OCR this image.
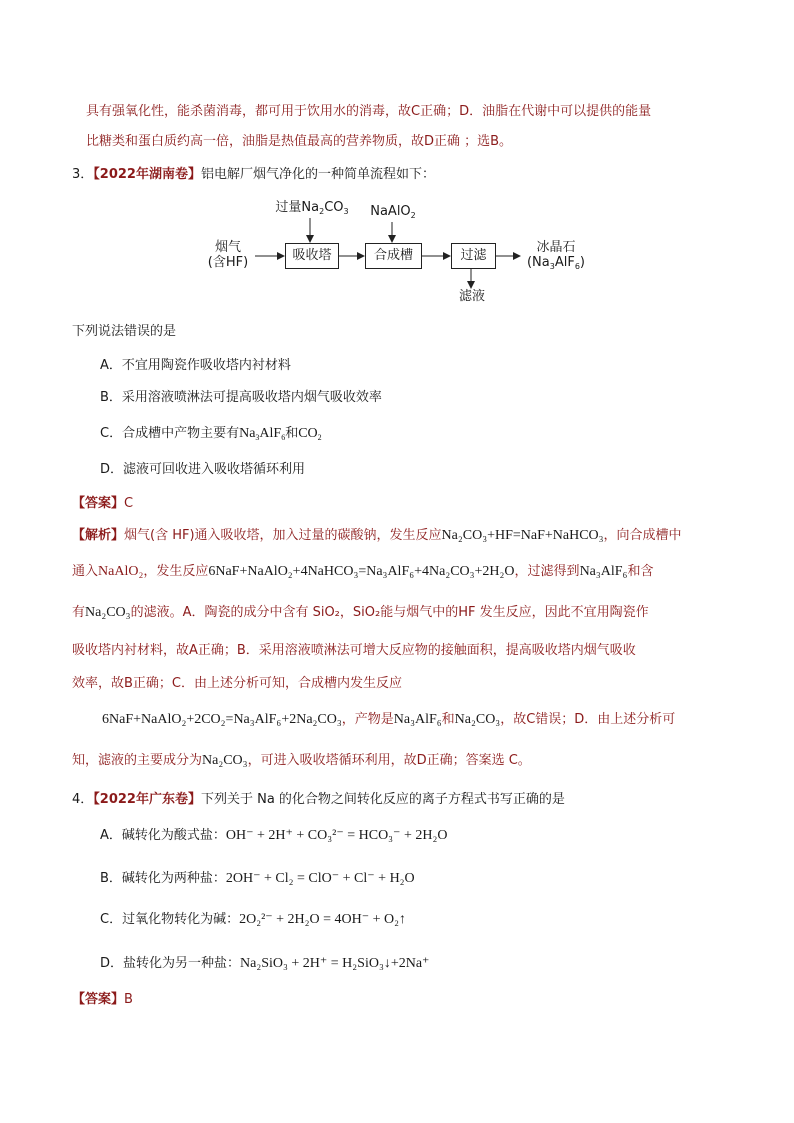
具有强氧化性，能杀菌消毒，都可用于饮用水的消毒，故C正确；D．油脂在代谢中可以提供的能量
比糖类和蛋白质约高一倍，油脂是热值最高的营养物质，故D正确 ；选B。
3．【2022年湖南卷】铝电解厂烟气净化的一种简单流程如下：
烟气
(含HF)
过量$Na_2CO_3$	NaAlO$_2$
吸收塔	合成槽	过滤
冰晶石
$(Na_3AlF_6)$
滤液
下列说法错误的是
A．不宜用陶瓷作吸收塔内衬材料
B．采用溶液喷淋法可提高吸收塔内烟气吸收效率
C．合成槽中产物主要有$Na_3AlF_6$和$CO_2$
D．滤液可回收进入吸收塔循环利用
【答案】C
【解析】烟气(含 HF)通入吸收塔，加入过量的碳酸钠，发生反应Na₂CO₃+HF=NaF+NaHCO₃，向合成槽中
通入NaAlO₂，发生反应6NaF+NaAlO₂+4NaHCO₃=Na₃AlF₆+4Na₂CO₃+2H₂O，过滤得到Na₃AlF₆和含
有Na₂CO₃的滤液。A．陶瓷的成分中含有 SiO₂，SiO₂能与烟气中的HF 发生反应，因此不宜用陶瓷作
吸收塔内衬材料，故A正确；B．采用溶液喷淋法可增大反应物的接触面积，提高吸收塔内烟气吸收
效率，故B正确；C．由上述分析可知，合成槽内发生反应
6NaF+NaAlO₂+2CO₂=Na₃AlF₆+2Na₂CO₃，产物是Na₃AlF₆和Na₂CO₃，故C错误；D．由上述分析可
知，滤液的主要成分为Na₂CO₃，可进入吸收塔循环利用，故D正确；答案选 C。
4．【2022年广东卷】下列关于 Na 的化合物之间转化反应的离子方程式书写正确的是
A．碱转化为酸式盐：OH⁻ + 2H⁺ + CO₃²⁻ = HCO₃⁻ + 2H₂O
B．碱转化为两种盐：2OH⁻ + Cl₂ = ClO⁻ + Cl⁻ + H₂O
C．过氧化物转化为碱：2O₂²⁻ + 2H₂O = 4OH⁻ + O₂↑
D．盐转化为另一种盐：Na₂SiO₃ + 2H⁺ = H₂SiO₃↓+2Na⁺
【答案】B
